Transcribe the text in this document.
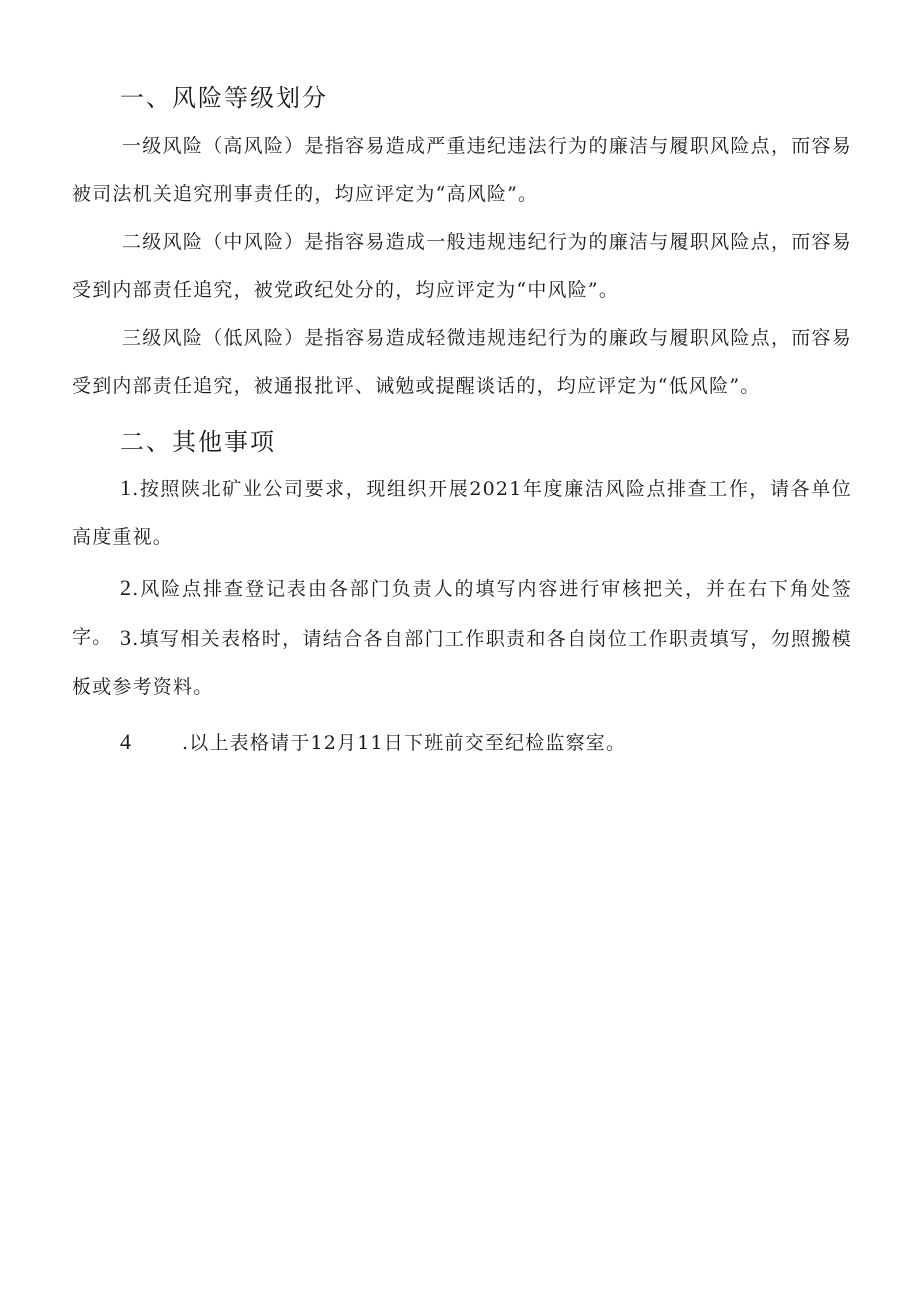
一、风险等级划分
一级风险（高风险）是指容易造成严重违纪违法行为的廉洁与履职风险点，而容易被司法机关追究刑事责任的，均应评定为“高风险”。
二级风险（中风险）是指容易造成一般违规违纪行为的廉洁与履职风险点，而容易受到内部责任追究，被党政纪处分的，均应评定为“中风险”。
三级风险（低风险）是指容易造成轻微违规违纪行为的廉政与履职风险点，而容易受到内部责任追究，被通报批评、诫勉或提醒谈话的，均应评定为“低风险”。
二、其他事项
1.按照陕北矿业公司要求，现组织开展2021年度廉洁风险点排查工作，请各单位高度重视。
2.风险点排查登记表由各部门负责人的填写内容进行审核把关，并在右下角处签字。 3.填写相关表格时，请结合各自部门工作职责和各自岗位工作职责填写，勿照搬模板或参考资料。
4	.以上表格请于12月11日下班前交至纪检监察室。
